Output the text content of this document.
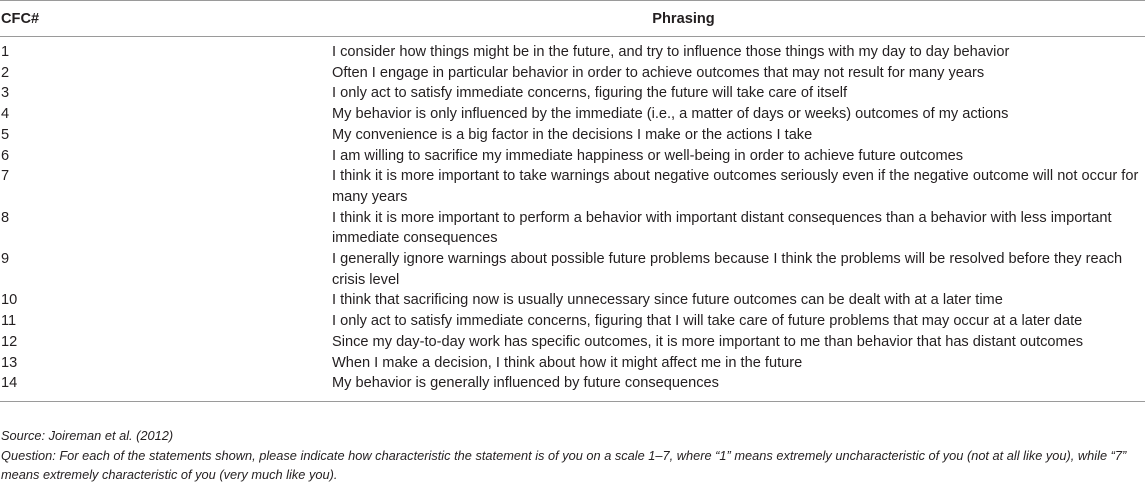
CFC#	Phrasing
1	I consider how things might be in the future, and try to influence those things with my day to day behavior
2	Often I engage in particular behavior in order to achieve outcomes that may not result for many years
3	I only act to satisfy immediate concerns, figuring the future will take care of itself
4	My behavior is only influenced by the immediate (i.e., a matter of days or weeks) outcomes of my actions
5	My convenience is a big factor in the decisions I make or the actions I take
6	I am willing to sacrifice my immediate happiness or well-being in order to achieve future outcomes
7	I think it is more important to take warnings about negative outcomes seriously even if the negative outcome will not occur for many years
8	I think it is more important to perform a behavior with important distant consequences than a behavior with less important immediate consequences
9	I generally ignore warnings about possible future problems because I think the problems will be resolved before they reach crisis level
10	I think that sacrificing now is usually unnecessary since future outcomes can be dealt with at a later time
11	I only act to satisfy immediate concerns, figuring that I will take care of future problems that may occur at a later date
12	Since my day-to-day work has specific outcomes, it is more important to me than behavior that has distant outcomes
13	When I make a decision, I think about how it might affect me in the future
14	My behavior is generally influenced by future consequences
Source: Joireman et al. (2012)
Question: For each of the statements shown, please indicate how characteristic the statement is of you on a scale 1–7, where “1” means extremely uncharacteristic of you (not at all like you), while “7” means extremely characteristic of you (very much like you).
